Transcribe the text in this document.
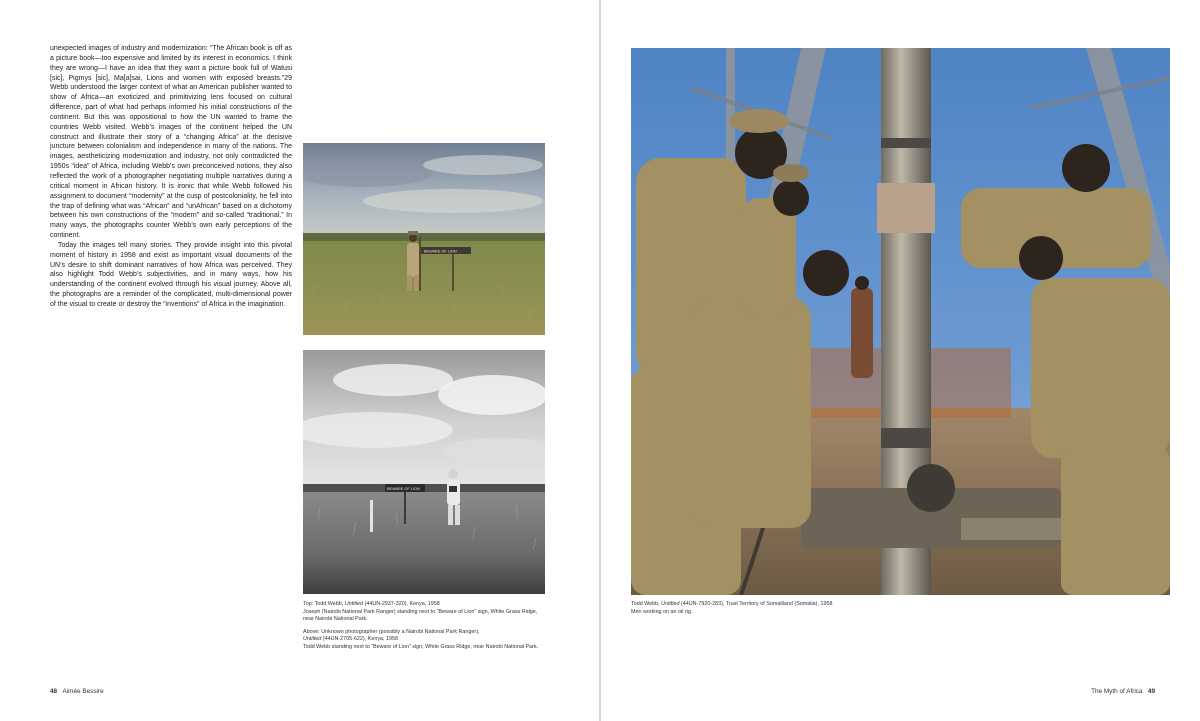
unexpected images of industry and modernization: “The African book is off as a picture book—too expensive and limited by its interest in economics. I think they are wrong—I have an idea that they want a picture book full of Watusi [sic], Pigmys [sic], Ma[a]sai, Lions and women with exposed breasts.”29 Webb understood the larger context of what an American publisher wanted to show of Africa—an exoticized and primitivizing lens focused on cultural difference, part of what had perhaps informed his initial constructions of the continent. But this was oppositional to how the UN wanted to frame the countries Webb visited. Webb’s images of the continent helped the UN construct and illustrate their story of a “changing Africa” at the decisive juncture between colonialism and independence in many of the nations. The images, aestheticizing modernization and industry, not only contradicted the 1950s “idea” of Africa, including Webb’s own preconceived notions, they also reflected the work of a photographer negotiating multiple narratives during a critical moment in African history. It is ironic that while Webb followed his assignment to document “modernity” at the cusp of postcoloniality, he fell into the trap of defining what was “African” and “unAfrican” based on a dichotomy between his own constructions of the “modern” and so-called “traditional.” In many ways, the photographs counter Webb’s own early perceptions of the continent.

Today the images tell many stories. They provide insight into this pivotal moment of history in 1958 and exist as important visual documents of the UN’s desire to shift dominant narratives of how Africa was perceived. They also highlight Todd Webb’s subjectivities, and in many ways, how his understanding of the continent evolved through his visual journey. Above all, the photographs are a reminder of the complicated, multi-dimensional power of the visual to create or destroy the “inventions” of Africa in the imagination.

BEWARE OF LION
BEWARE OF LION

Top: Todd Webb, Untitled (44UN-2937-320), Kenya, 1958
Joseph (Nairobi National Park Ranger) standing next to “Beware of Lion” sign, White Grass Ridge, near Nairobi National Park.

Above: Unknown photographer (possibly a Nairobi National Park Ranger),
Untitled (44UN-2705-622), Kenya, 1958
Todd Webb standing next to “Beware of Lion” sign, White Grass Ridge, near Nairobi National Park.

48 Aimée Bessire

Todd Webb, Untitled (44UN-7920-283), Trust Territory of Somaliland (Somalia), 1958
Men working on an oil rig.

The Myth of Africa 49
